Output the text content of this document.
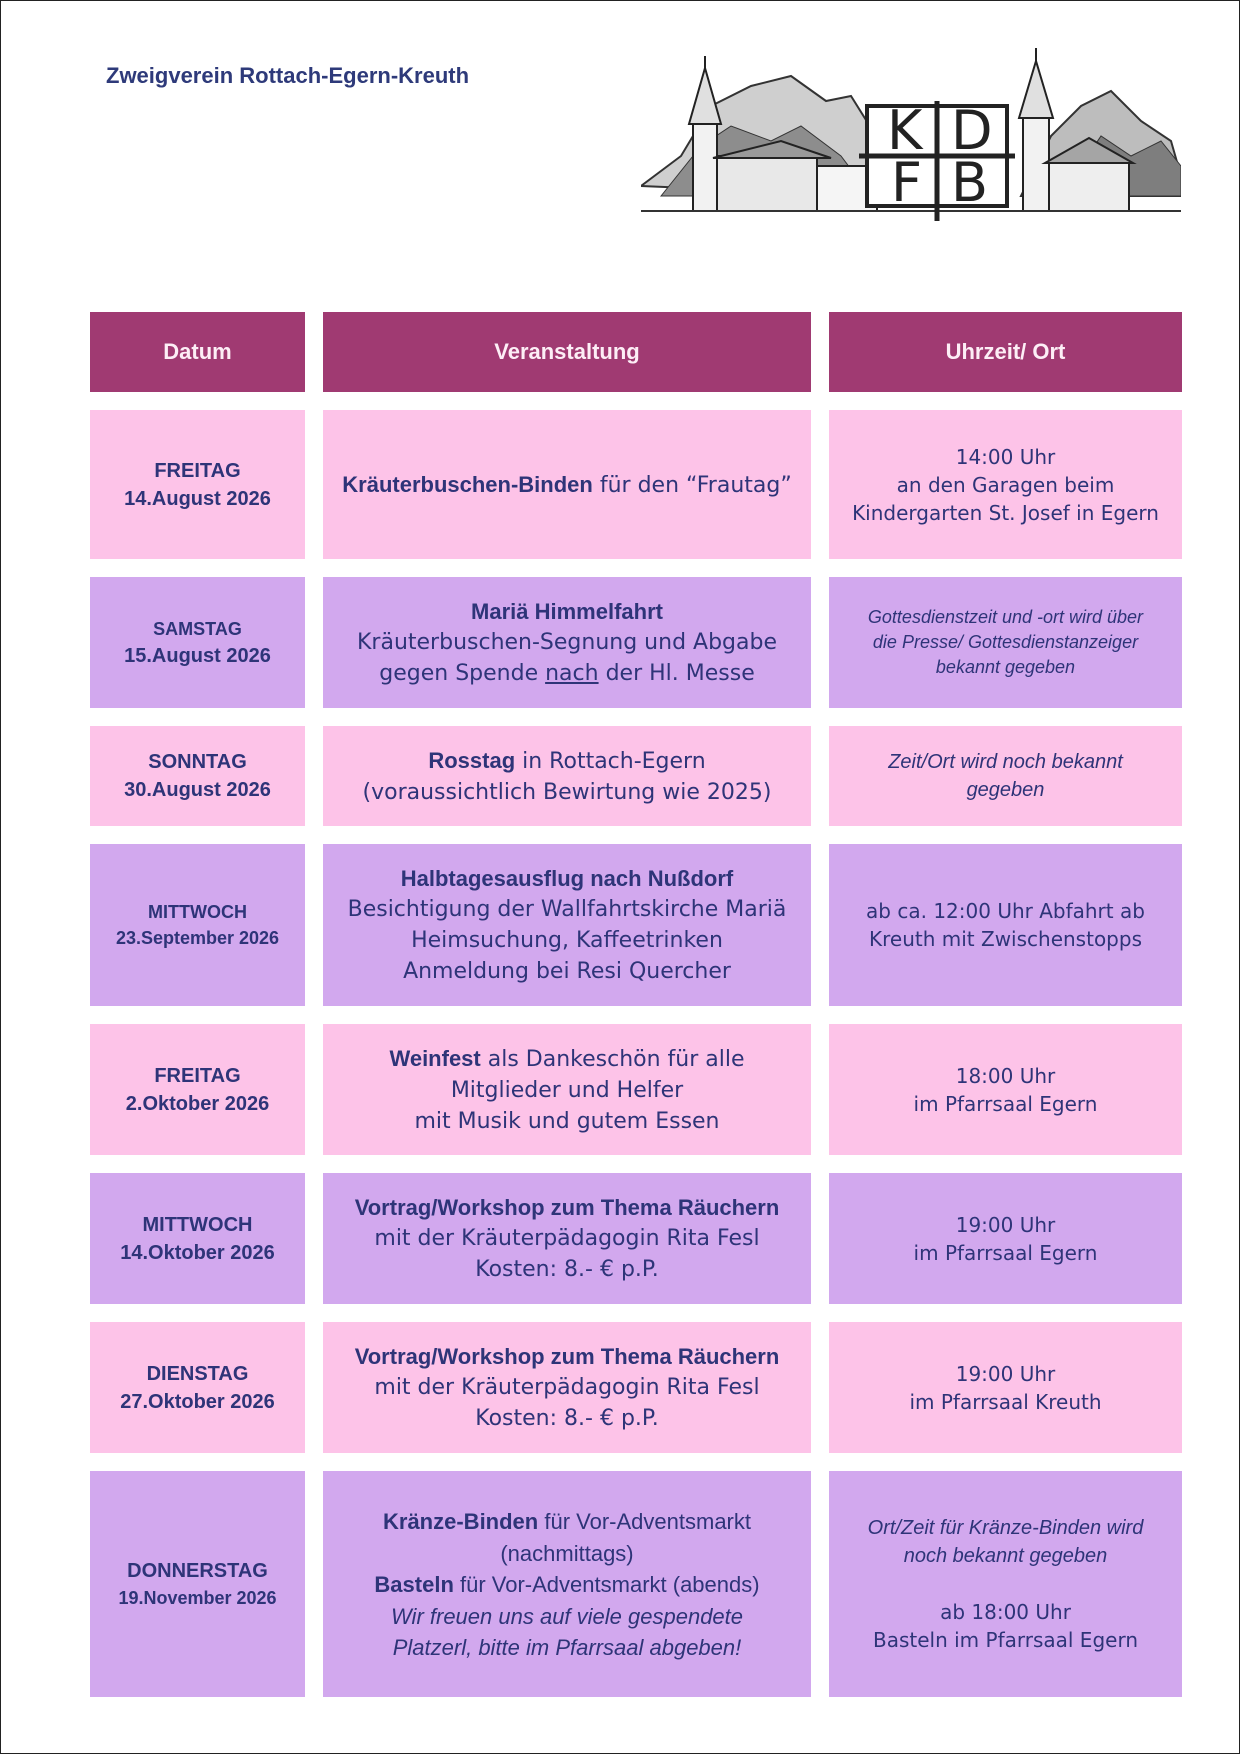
Zweigverein Rottach-Egern-Kreuth
K D
F B
Datum	Veranstaltung	Uhrzeit/ Ort
FREITAG
14.August 2026
Kräuterbuschen-Binden für den “Frautag”
14:00 Uhr
an den Garagen beim
Kindergarten St. Josef in Egern
SAMSTAG
15.August 2026
Mariä Himmelfahrt
Kräuterbuschen-Segnung und Abgabe
gegen Spende nach der Hl. Messe
Gottesdienstzeit und -ort wird über
die Presse/ Gottesdienstanzeiger
bekannt gegeben
SONNTAG
30.August 2026
Rosstag in Rottach-Egern
(voraussichtlich Bewirtung wie 2025)
Zeit/Ort wird noch bekannt
gegeben
MITTWOCH
23.September 2026
Halbtagesausflug nach Nußdorf
Besichtigung der Wallfahrtskirche Mariä
Heimsuchung, Kaffeetrinken
Anmeldung bei Resi Quercher
ab ca. 12:00 Uhr Abfahrt ab
Kreuth mit Zwischenstopps
FREITAG
2.Oktober 2026
Weinfest als Dankeschön für alle
Mitglieder und Helfer
mit Musik und gutem Essen
18:00 Uhr
im Pfarrsaal Egern
MITTWOCH
14.Oktober 2026
Vortrag/Workshop zum Thema Räuchern
mit der Kräuterpädagogin Rita Fesl
Kosten: 8.- € p.P.
19:00 Uhr
im Pfarrsaal Egern
DIENSTAG
27.Oktober 2026
Vortrag/Workshop zum Thema Räuchern
mit der Kräuterpädagogin Rita Fesl
Kosten: 8.- € p.P.
19:00 Uhr
im Pfarrsaal Kreuth
DONNERSTAG
19.November 2026
Kränze-Binden für Vor-Adventsmarkt
(nachmittags)
Basteln für Vor-Adventsmarkt (abends)
Wir freuen uns auf viele gespendete
Platzerl, bitte im Pfarrsaal abgeben!
Ort/Zeit für Kränze-Binden wird
noch bekannt gegeben
ab 18:00 Uhr
Basteln im Pfarrsaal Egern
